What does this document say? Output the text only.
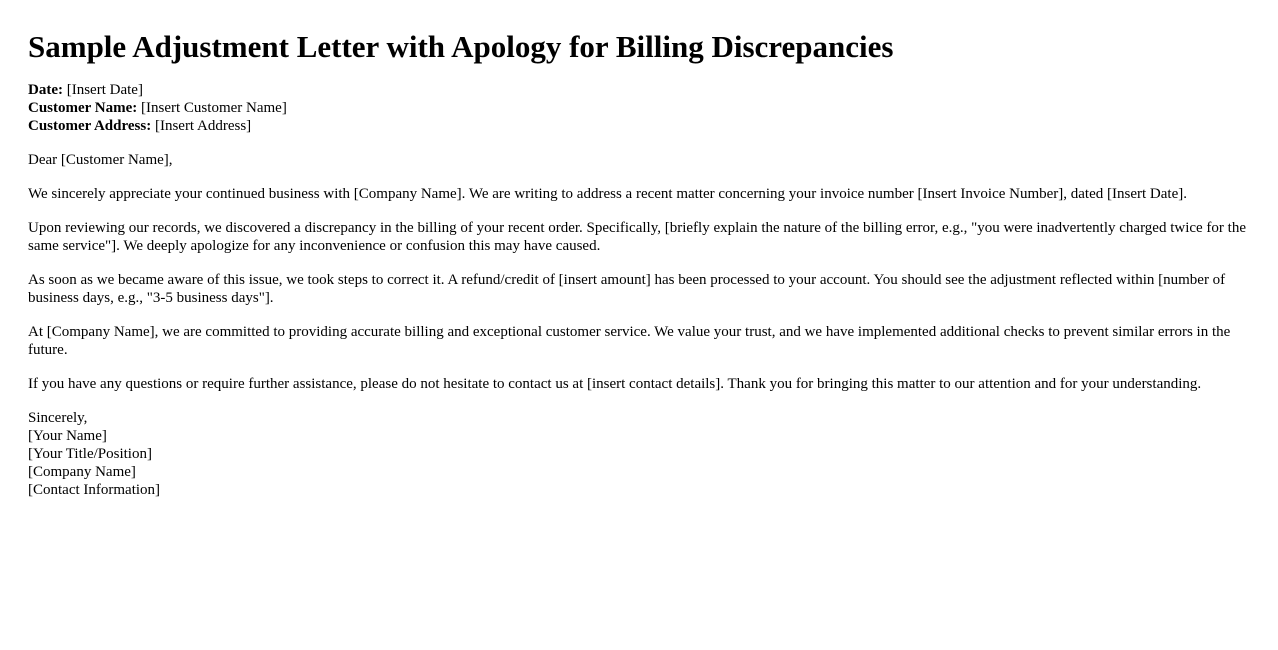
Sample Adjustment Letter with Apology for Billing Discrepancies
Date: [Insert Date]
Customer Name: [Insert Customer Name]
Customer Address: [Insert Address]

Dear [Customer Name],

We sincerely appreciate your continued business with [Company Name]. We are writing to address a recent matter concerning your invoice number [Insert Invoice Number], dated [Insert Date].

Upon reviewing our records, we discovered a discrepancy in the billing of your recent order. Specifically, [briefly explain the nature of the billing error, e.g., "you were inadvertently charged twice for the same service"]. We deeply apologize for any inconvenience or confusion this may have caused.

As soon as we became aware of this issue, we took steps to correct it. A refund/credit of [insert amount] has been processed to your account. You should see the adjustment reflected within [number of business days, e.g., "3-5 business days"].

At [Company Name], we are committed to providing accurate billing and exceptional customer service. We value your trust, and we have implemented additional checks to prevent similar errors in the future.

If you have any questions or require further assistance, please do not hesitate to contact us at [insert contact details]. Thank you for bringing this matter to our attention and for your understanding.

Sincerely,
[Your Name]
[Your Title/Position]
[Company Name]
[Contact Information]
